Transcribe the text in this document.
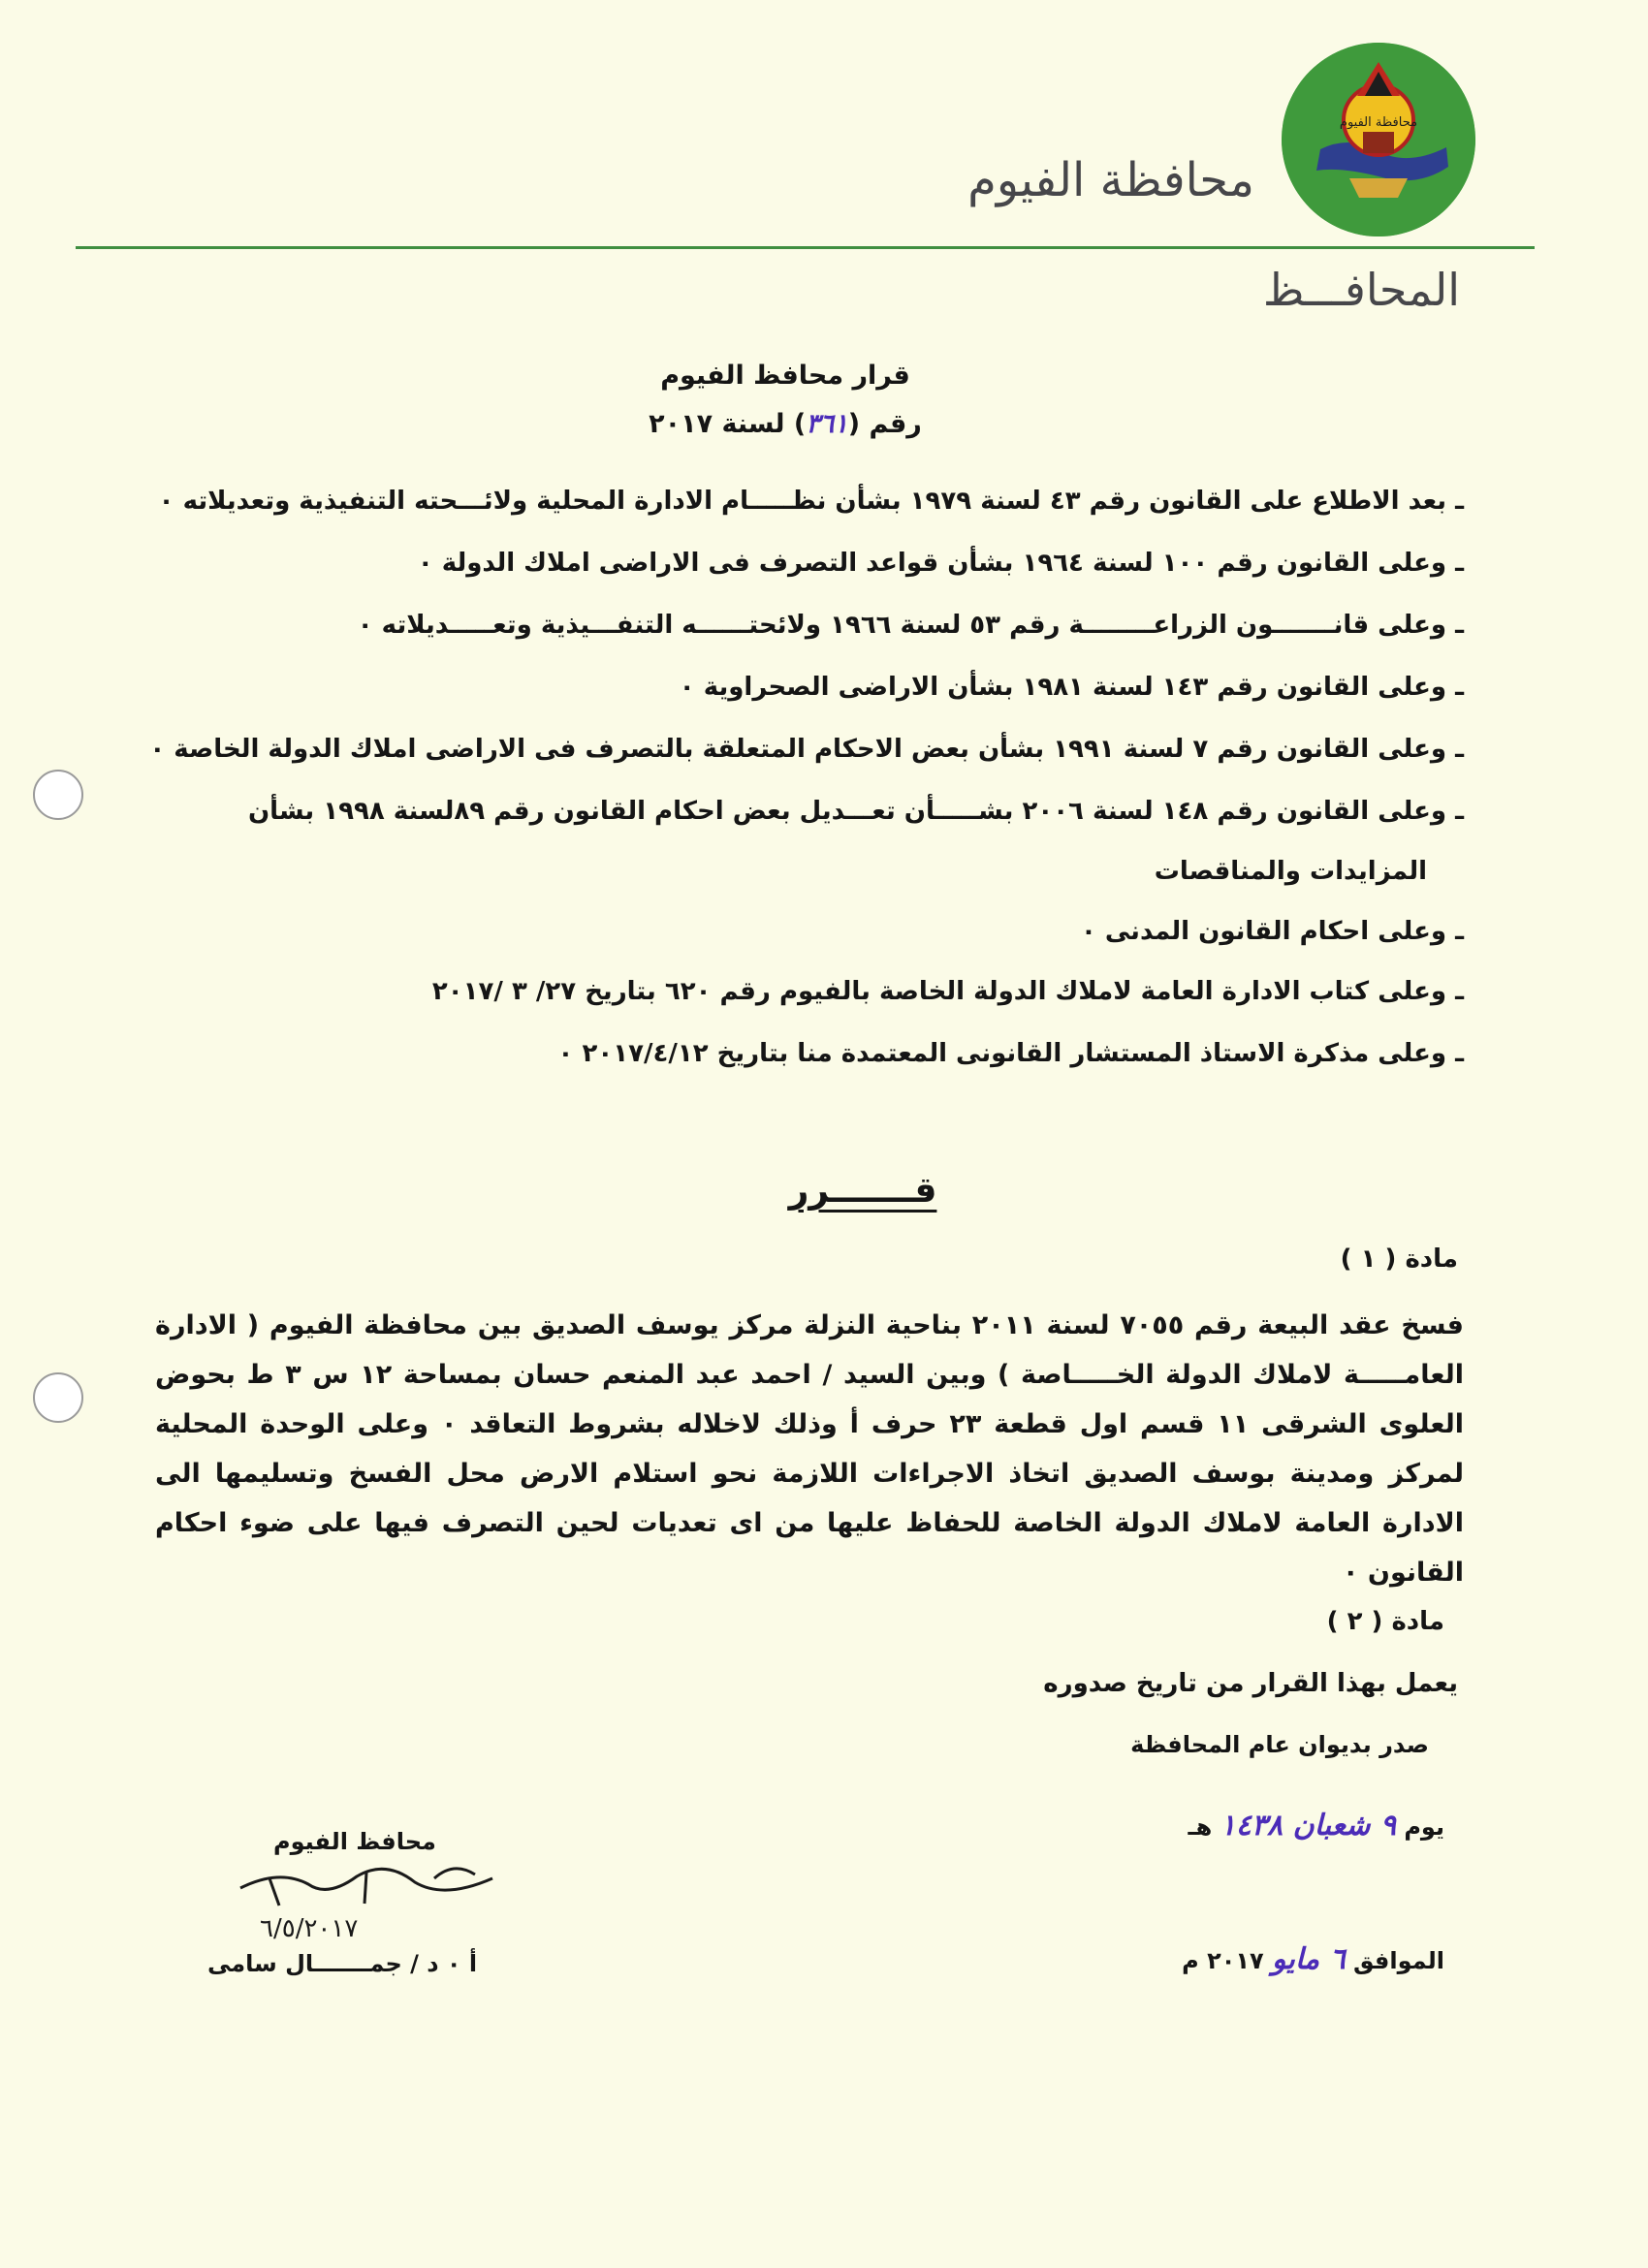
محافظة الفيوم
محافظة الفيوم
المحافـــظ
قرار محافظ الفيوم
رقم (٣٦١) لسنة ٢٠١٧
ـ بعد الاطلاع على القانون رقم ٤٣ لسنة ١٩٧٩ بشأن نظـــــام الادارة المحلية ولائـــحته التنفيذية وتعديلاته ٠
ـ وعلى القانون رقم ١٠٠ لسنة ١٩٦٤ بشأن قواعد التصرف فى الاراضى املاك الدولة ٠
ـ وعلى قانـــــــون الزراعــــــــة رقم ٥٣ لسنة ١٩٦٦ ولائحتــــــه التنفـــيذية وتعـــــديلاته ٠
ـ وعلى القانون رقم ١٤٣ لسنة ١٩٨١ بشأن الاراضى الصحراوية ٠
ـ وعلى القانون رقم ٧ لسنة ١٩٩١ بشأن بعض الاحكام المتعلقة بالتصرف فى الاراضى املاك الدولة الخاصة ٠
ـ وعلى القانون رقم ١٤٨ لسنة ٢٠٠٦ بشـــــأن تعـــديل بعض احكام القانون رقم ٨٩لسنة ١٩٩٨ بشأن
المزايدات والمناقصات
ـ وعلى احكام القانون المدنى ٠
ـ وعلى كتاب الادارة العامة لاملاك الدولة الخاصة بالفيوم رقم ٦٢٠ بتاريخ ٢٧/ ٣ /٢٠١٧
ـ وعلى مذكرة الاستاذ المستشار القانونى المعتمدة منا بتاريخ ٢٠١٧/٤/١٢ ٠
قـــــــرر
مادة ( ١ )
فسخ عقد البيعة رقم ٧٠٥٥ لسنة ٢٠١١ بناحية النزلة مركز يوسف الصديق بين محافظة الفيوم ( الادارة العامـــــة لاملاك الدولة الخـــــاصة ) وبين السيد / احمد عبد المنعم حسان بمساحة ١٢ س ٣ ط بحوض العلوى الشرقى ١١ قسم اول قطعة ٢٣ حرف أ وذلك لاخلاله بشروط التعاقد ٠ وعلى الوحدة المحلية لمركز ومدينة بوسف الصديق اتخاذ الاجراءات اللازمة نحو استلام الارض محل الفسخ وتسليمها الى الادارة العامة لاملاك الدولة الخاصة للحفاظ عليها من اى تعديات لحين التصرف فيها على ضوء احكام القانون ٠
مادة ( ٢ )
يعمل بهذا القرار من تاريخ صدوره
صدر بديوان عام المحافظة
يوم ٩ شعبان ١٤٣٨ هـ
الموافق ٦ مايو ٢٠١٧ م
محافظ الفيوم
٦/٥/٢٠١٧
أ ٠ د / جمـــــــال سامى
